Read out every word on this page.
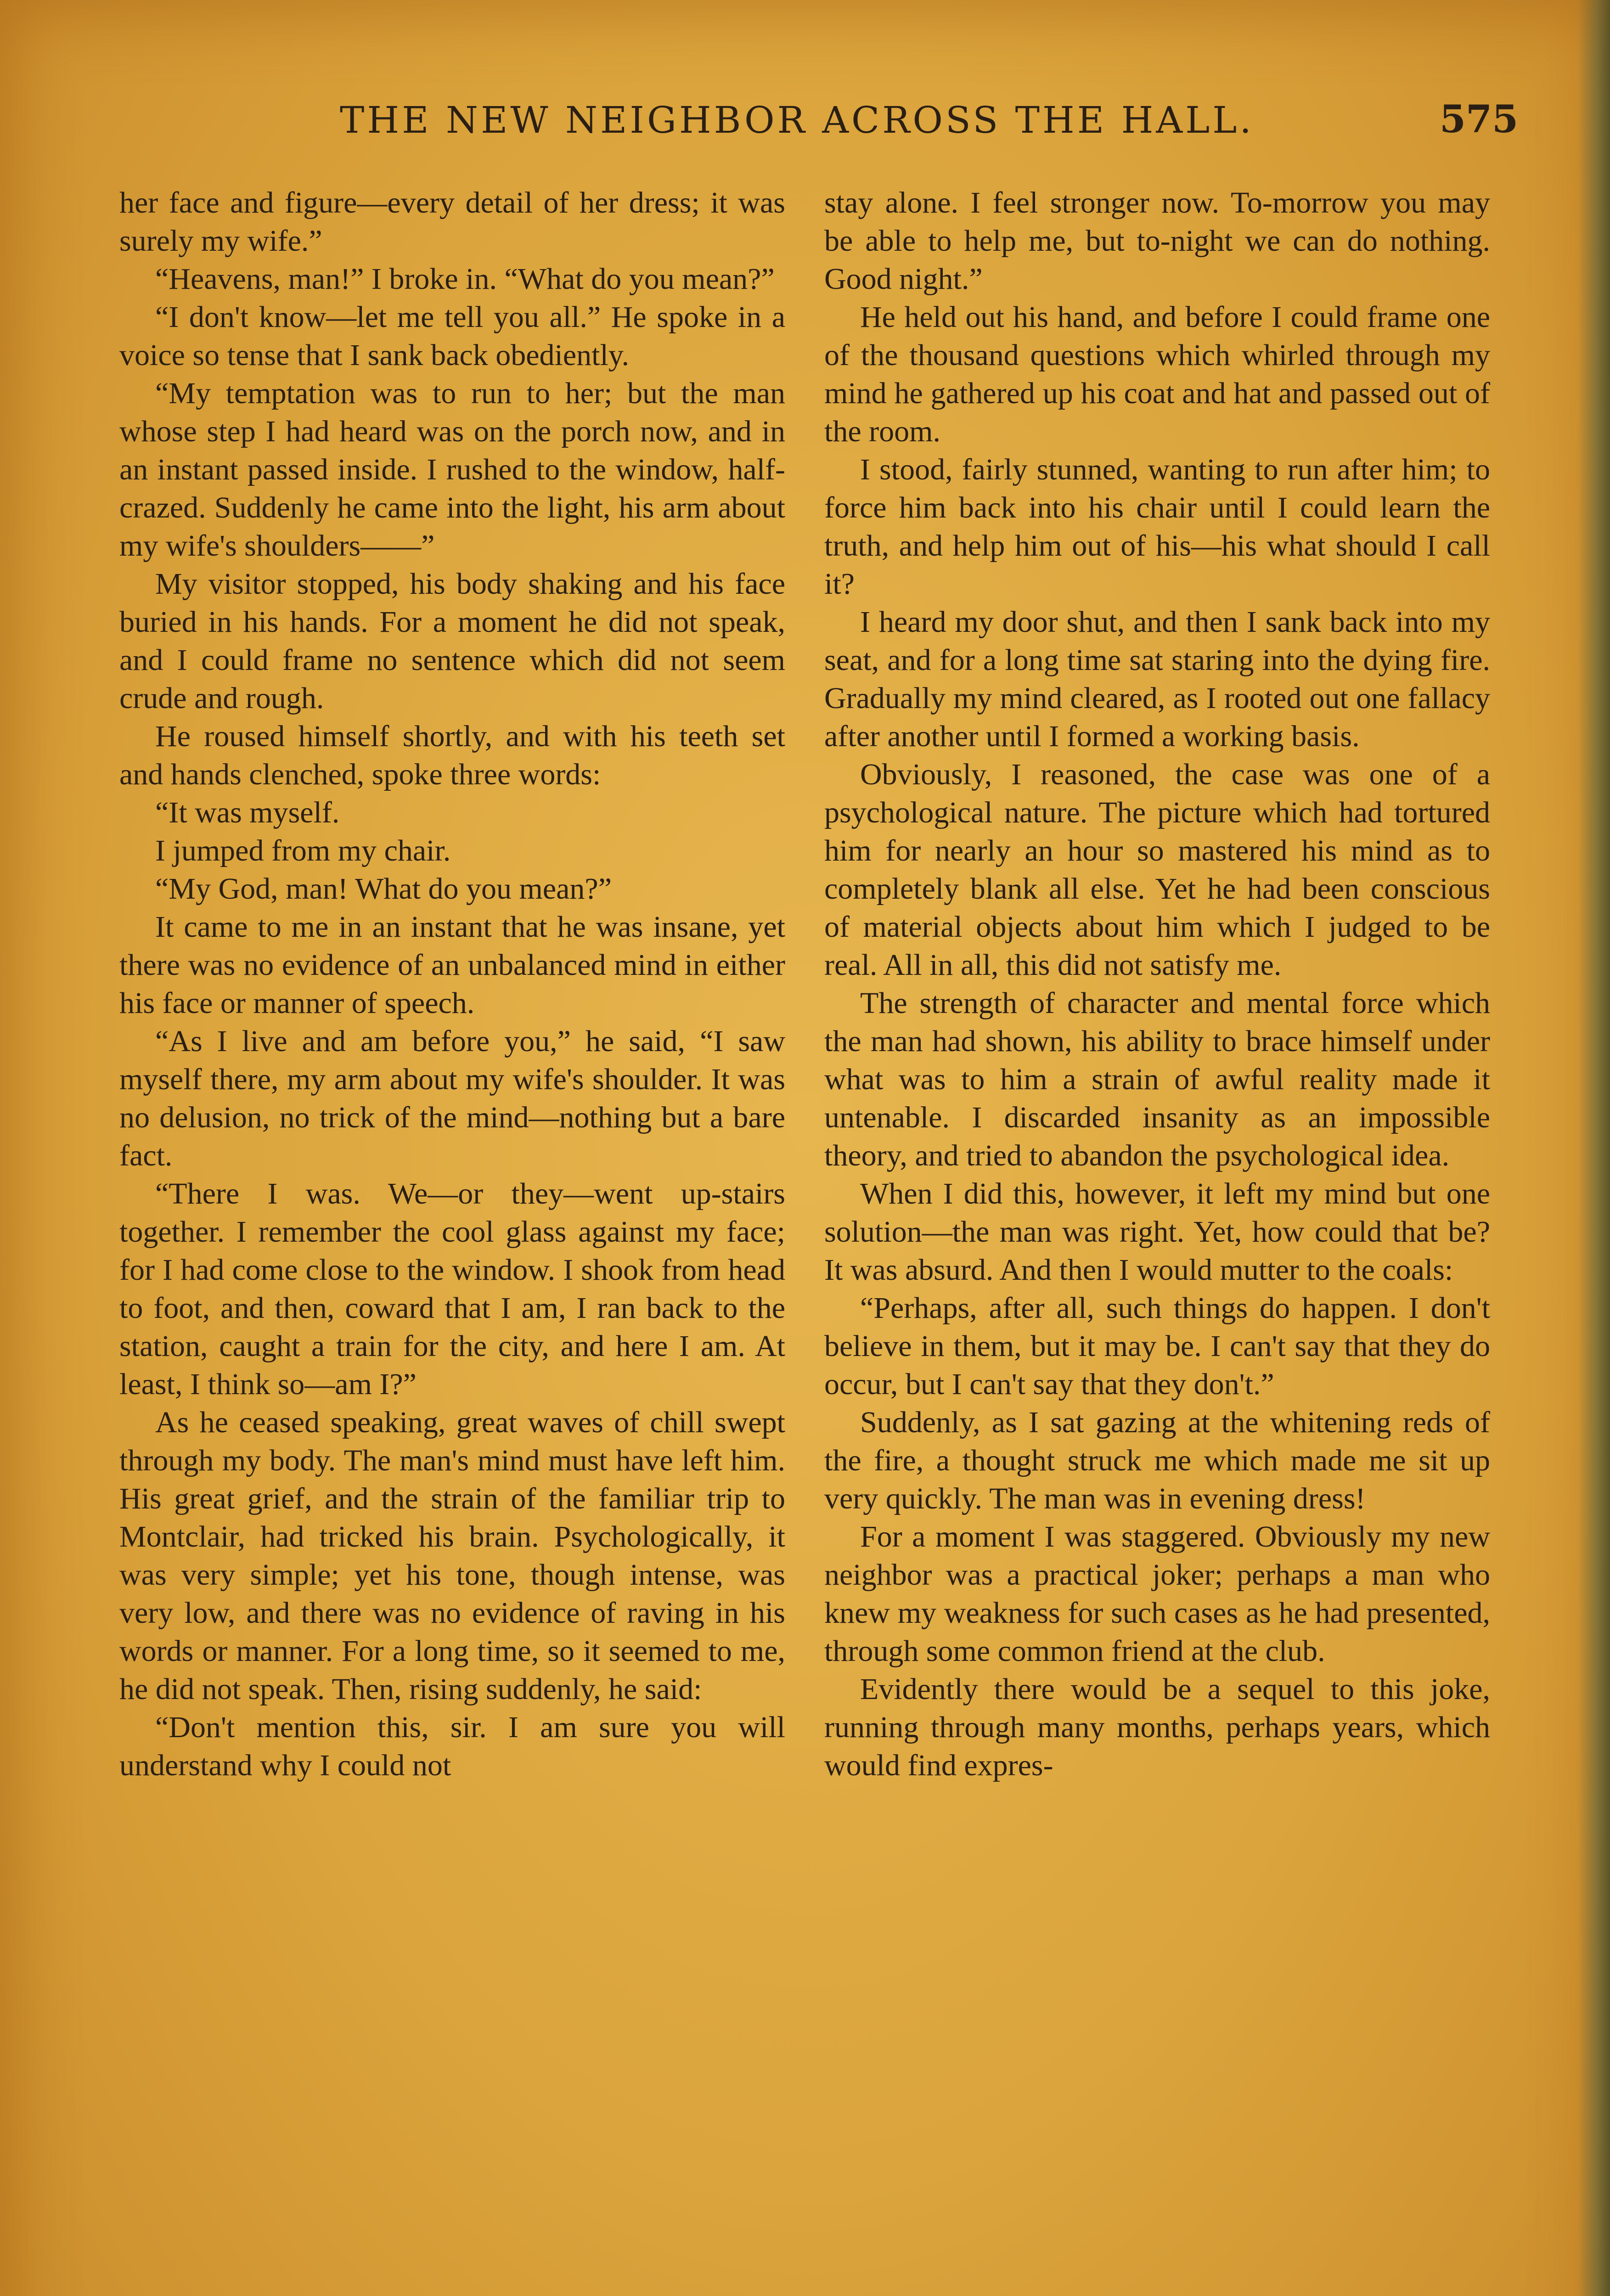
THE NEW NEIGHBOR ACROSS THE HALL.	575

her face and figure—every detail of her dress; it was surely my wife.”

“Heavens, man!” I broke in. “What do you mean?”

“I don't know—let me tell you all.” He spoke in a voice so tense that I sank back obediently.

“My temptation was to run to her; but the man whose step I had heard was on the porch now, and in an instant passed inside. I rushed to the window, half-crazed. Suddenly he came into the light, his arm about my wife's shoulders——”

My visitor stopped, his body shaking and his face buried in his hands. For a moment he did not speak, and I could frame no sentence which did not seem crude and rough.

He roused himself shortly, and with his teeth set and hands clenched, spoke three words:

“It was myself.

I jumped from my chair.

“My God, man! What do you mean?”

It came to me in an instant that he was insane, yet there was no evidence of an unbalanced mind in either his face or manner of speech.

“As I live and am before you,” he said, “I saw myself there, my arm about my wife's shoulder. It was no delusion, no trick of the mind—nothing but a bare fact.

“There I was. We—or they—went up-stairs together. I remember the cool glass against my face; for I had come close to the window. I shook from head to foot, and then, coward that I am, I ran back to the station, caught a train for the city, and here I am. At least, I think so—am I?”

As he ceased speaking, great waves of chill swept through my body. The man's mind must have left him. His great grief, and the strain of the familiar trip to Montclair, had tricked his brain. Psychologically, it was very simple; yet his tone, though intense, was very low, and there was no evidence of raving in his words or manner. For a long time, so it seemed to me, he did not speak. Then, rising suddenly, he said:

“Don't mention this, sir. I am sure you will understand why I could not

stay alone. I feel stronger now. To-morrow you may be able to help me, but to-night we can do nothing. Good night.”

He held out his hand, and before I could frame one of the thousand questions which whirled through my mind he gathered up his coat and hat and passed out of the room.

I stood, fairly stunned, wanting to run after him; to force him back into his chair until I could learn the truth, and help him out of his—his what should I call it?

I heard my door shut, and then I sank back into my seat, and for a long time sat staring into the dying fire. Gradually my mind cleared, as I rooted out one fallacy after another until I formed a working basis.

Obviously, I reasoned, the case was one of a psychological nature. The picture which had tortured him for nearly an hour so mastered his mind as to completely blank all else. Yet he had been conscious of material objects about him which I judged to be real. All in all, this did not satisfy me.

The strength of character and mental force which the man had shown, his ability to brace himself under what was to him a strain of awful reality made it untenable. I discarded insanity as an impossible theory, and tried to abandon the psychological idea.

When I did this, however, it left my mind but one solution—the man was right. Yet, how could that be? It was absurd. And then I would mutter to the coals:

“Perhaps, after all, such things do happen. I don't believe in them, but it may be. I can't say that they do occur, but I can't say that they don't.”

Suddenly, as I sat gazing at the whitening reds of the fire, a thought struck me which made me sit up very quickly. The man was in evening dress!

For a moment I was staggered. Obviously my new neighbor was a practical joker; perhaps a man who knew my weakness for such cases as he had presented, through some common friend at the club.

Evidently there would be a sequel to this joke, running through many months, perhaps years, which would find expres-
